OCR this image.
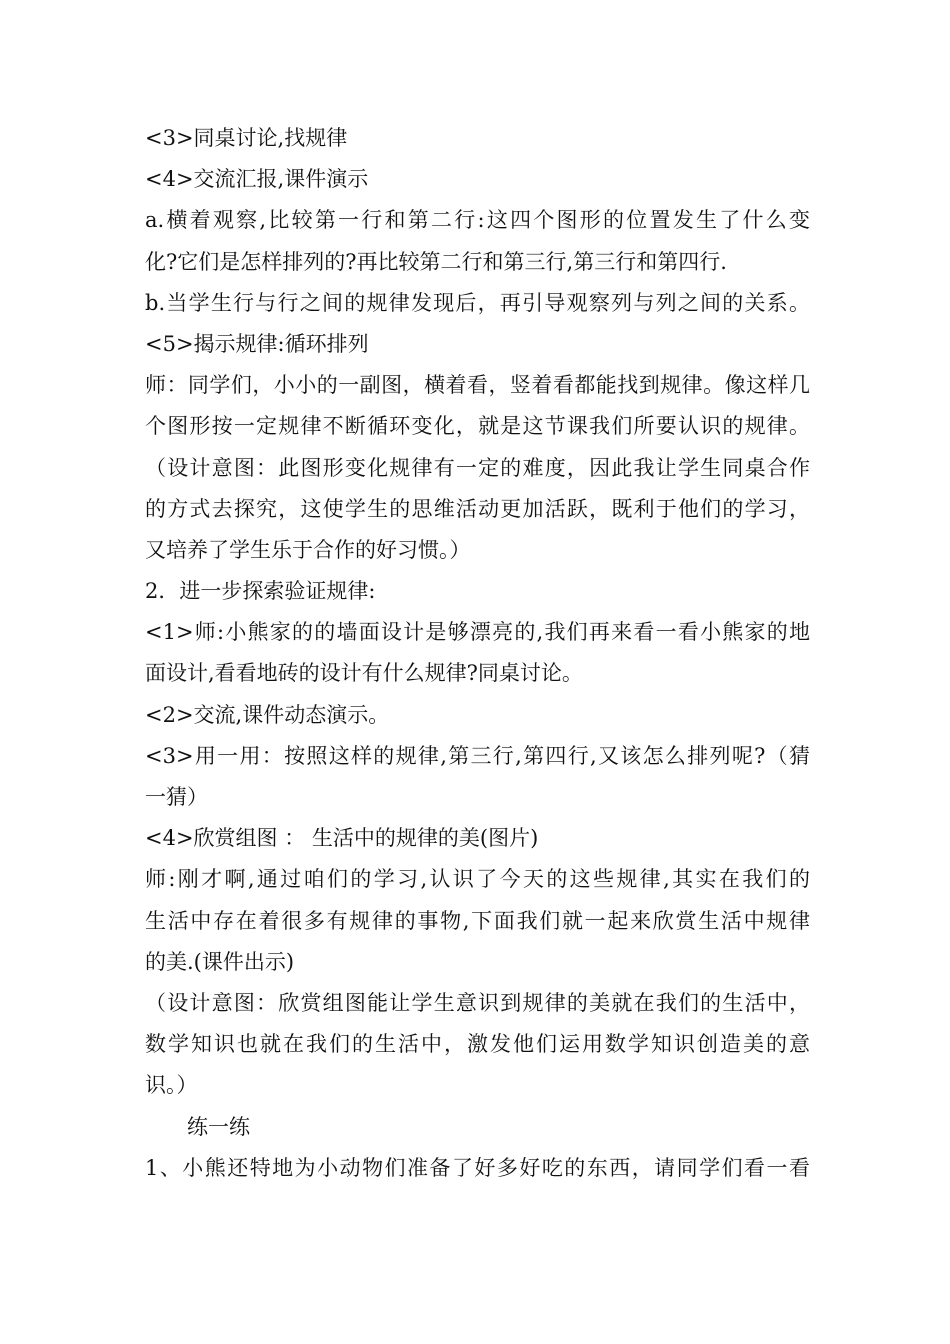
<3>同桌讨论,找规律
<4>交流汇报,课件演示
a.横着观察,比较第一行和第二行:这四个图形的位置发生了什么变
化?它们是怎样排列的?再比较第二行和第三行,第三行和第四行.
b.当学生行与行之间的规律发现后，再引导观察列与列之间的关系。
<5>揭示规律:循环排列
师：同学们，小小的一副图，横着看，竖着看都能找到规律。像这样几
个图形按一定规律不断循环变化，就是这节课我们所要认识的规律。
（设计意图：此图形变化规律有一定的难度，因此我让学生同桌合作
的方式去探究，这使学生的思维活动更加活跃，既利于他们的学习，
又培养了学生乐于合作的好习惯。）
2．进一步探索验证规律:
<1>师:小熊家的的墙面设计是够漂亮的,我们再来看一看小熊家的地
面设计,看看地砖的设计有什么规律?同桌讨论。
<2>交流,课件动态演示。
<3>用一用：按照这样的规律,第三行,第四行,又该怎么排列呢?（猜
一猜）
<4>欣赏组图 ： 生活中的规律的美(图片)
师:刚才啊,通过咱们的学习,认识了今天的这些规律,其实在我们的
生活中存在着很多有规律的事物,下面我们就一起来欣赏生活中规律
的美.(课件出示)
（设计意图：欣赏组图能让学生意识到规律的美就在我们的生活中，
数学知识也就在我们的生活中，激发他们运用数学知识创造美的意
识。）
练一练
1、小熊还特地为小动物们准备了好多好吃的东西，请同学们看一看
